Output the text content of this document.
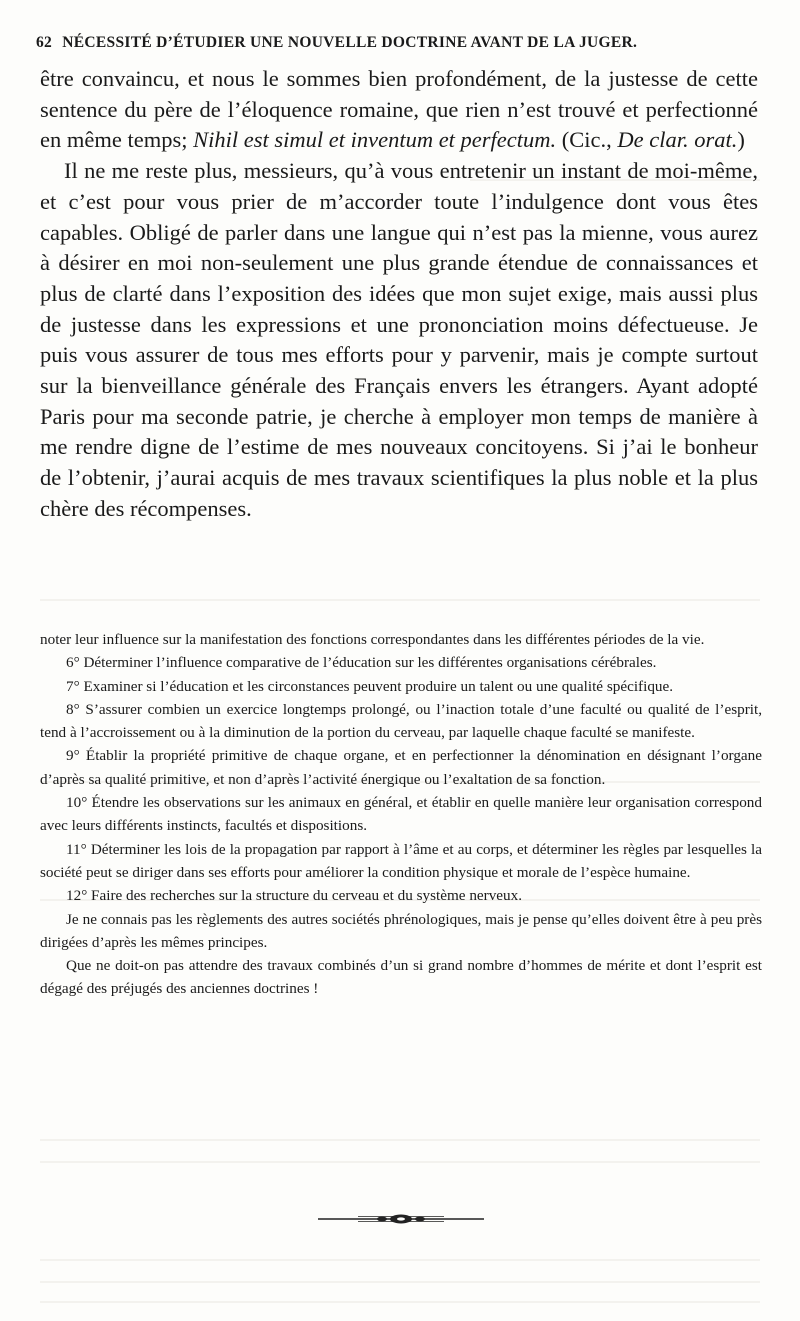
62 NÉCESSITÉ D’ÉTUDIER UNE NOUVELLE DOCTRINE AVANT DE LA JUGER.

être convaincu, et nous le sommes bien profondément, de la justesse de cette sentence du père de l’éloquence romaine, que rien n’est trouvé et perfectionné en même temps; Nihil est simul et inventum et perfectum. (Cic., De clar. orat.)

Il ne me reste plus, messieurs, qu’à vous entretenir un instant de moi-même, et c’est pour vous prier de m’accorder toute l’indulgence dont vous êtes capables. Obligé de parler dans une langue qui n’est pas la mienne, vous aurez à désirer en moi non-seulement une plus grande étendue de connaissances et plus de clarté dans l’exposition des idées que mon sujet exige, mais aussi plus de justesse dans les expressions et une prononciation moins défectueuse. Je puis vous assurer de tous mes efforts pour y parvenir, mais je compte surtout sur la bienveillance générale des Français envers les étrangers. Ayant adopté Paris pour ma seconde patrie, je cherche à employer mon temps de manière à me rendre digne de l’estime de mes nouveaux concitoyens. Si j’ai le bonheur de l’obtenir, j’aurai acquis de mes travaux scientifiques la plus noble et la plus chère des récompenses.

noter leur influence sur la manifestation des fonctions correspondantes dans les différentes périodes de la vie.

6° Déterminer l’influence comparative de l’éducation sur les différentes organisations cérébrales.

7° Examiner si l’éducation et les circonstances peuvent produire un talent ou une qualité spécifique.

8° S’assurer combien un exercice longtemps prolongé, ou l’inaction totale d’une faculté ou qualité de l’esprit, tend à l’accroissement ou à la diminution de la portion du cerveau, par laquelle chaque faculté se manifeste.

9° Établir la propriété primitive de chaque organe, et en perfectionner la dénomination en désignant l’organe d’après sa qualité primitive, et non d’après l’activité énergique ou l’exaltation de sa fonction.

10° Étendre les observations sur les animaux en général, et établir en quelle manière leur organisation correspond avec leurs différents instincts, facultés et dispositions.

11° Déterminer les lois de la propagation par rapport à l’âme et au corps, et déterminer les règles par lesquelles la société peut se diriger dans ses efforts pour améliorer la condition physique et morale de l’espèce humaine.

12° Faire des recherches sur la structure du cerveau et du système nerveux.

Je ne connais pas les règlements des autres sociétés phrénologiques, mais je pense qu’elles doivent être à peu près dirigées d’après les mêmes principes.

Que ne doit-on pas attendre des travaux combinés d’un si grand nombre d’hommes de mérite et dont l’esprit est dégagé des préjugés des anciennes doctrines !
